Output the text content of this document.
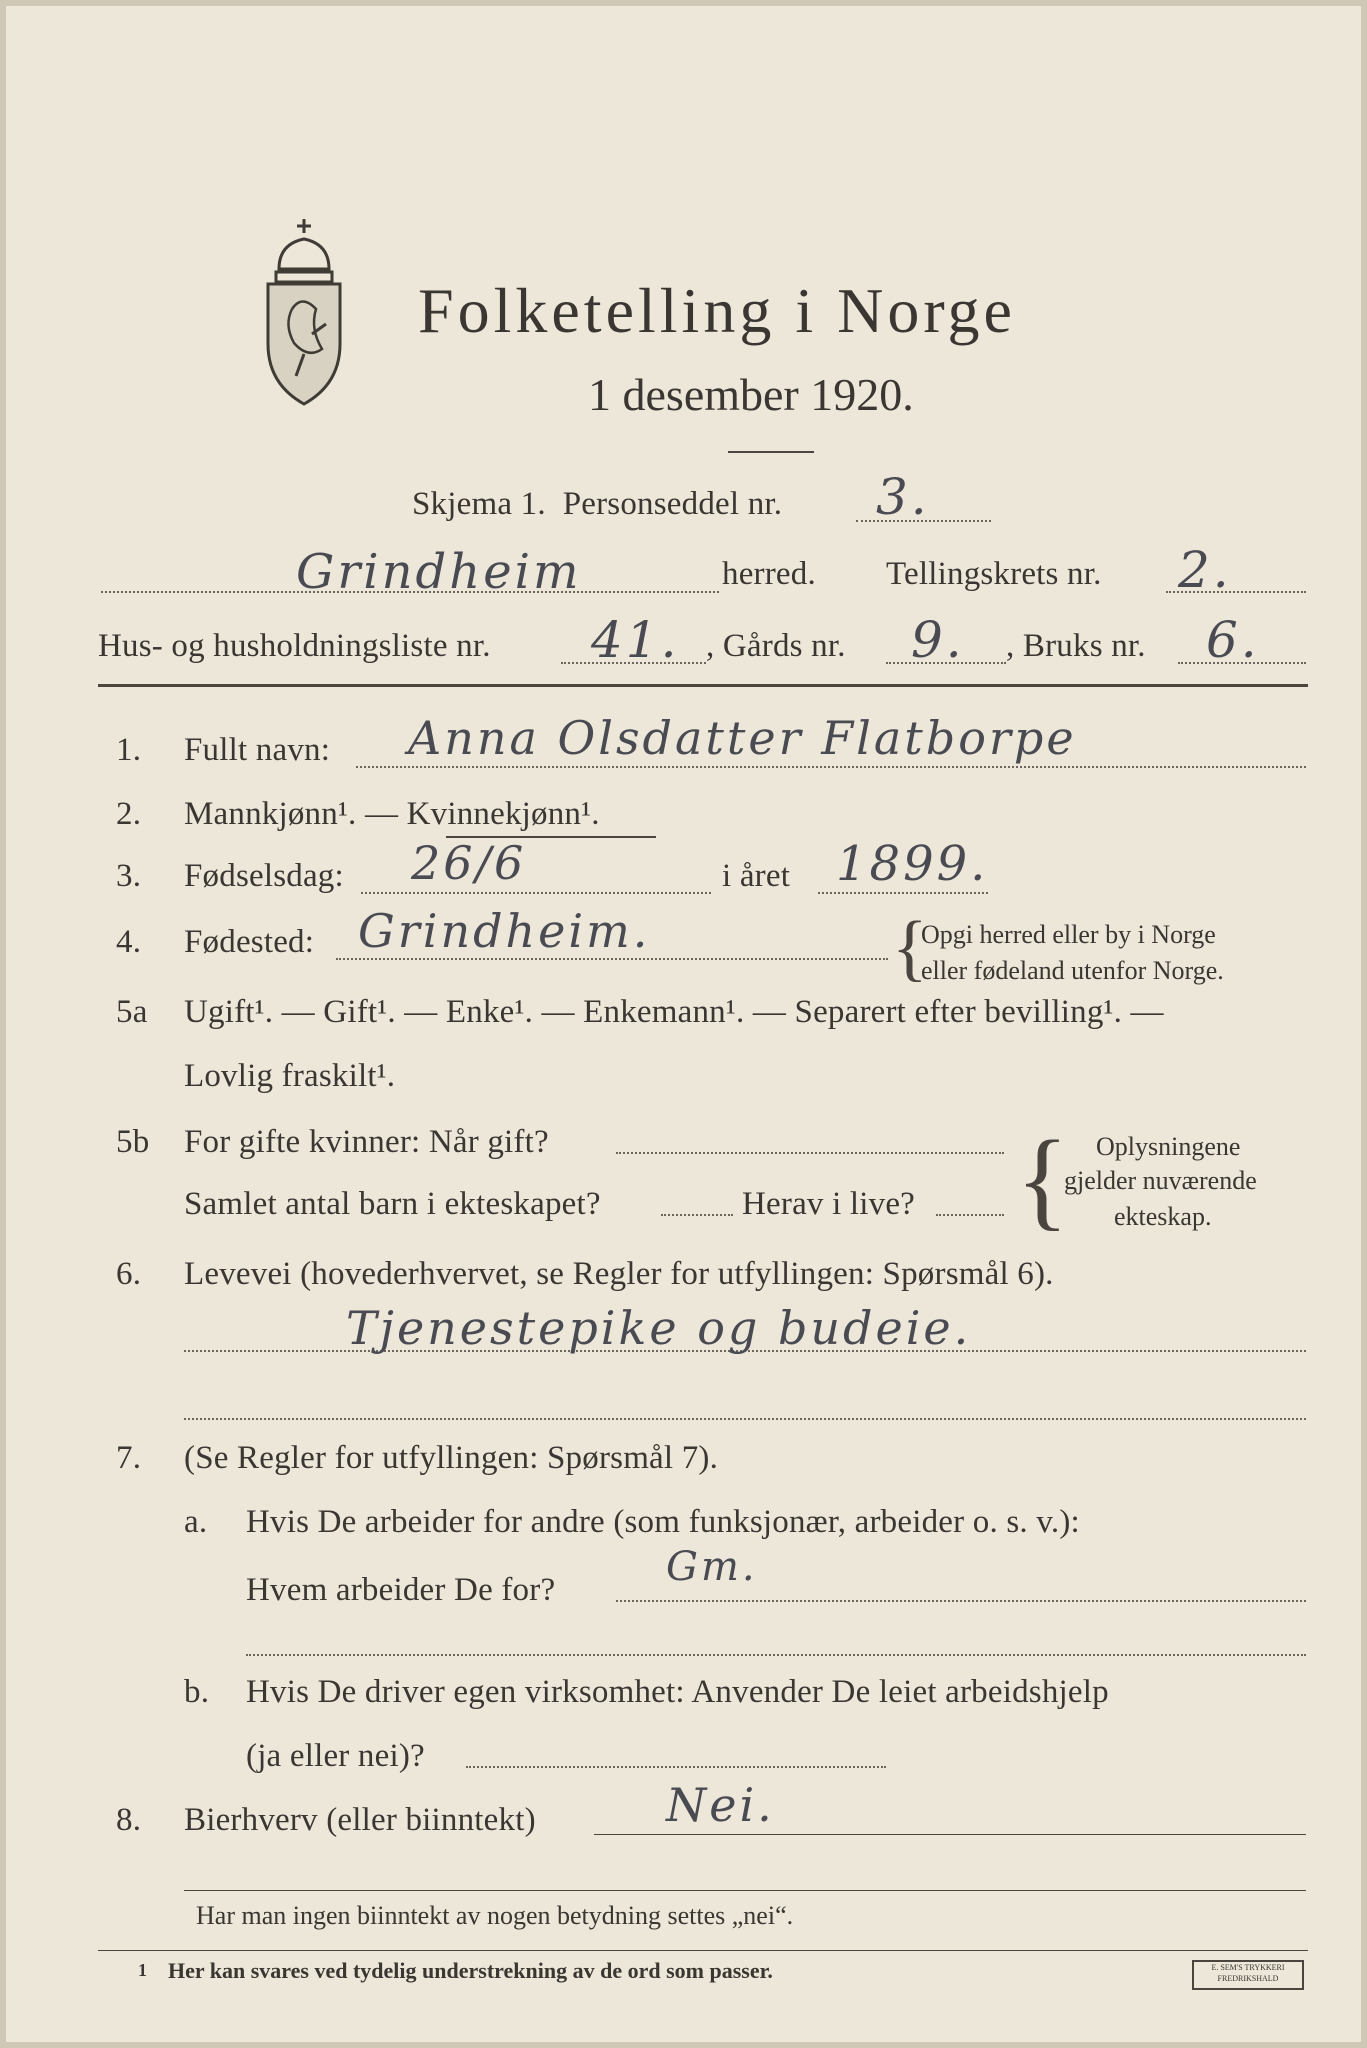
Folketelling i Norge
1 desember 1920.
Skjema 1. Personseddel nr. 3.
Grindheim	herred. Tellingskrets nr. 2.
Hus- og husholdningsliste nr. 41. , Gårds nr. 9. , Bruks nr. 6.
1. Fullt navn: Anna Olsdatter Flatborpe
2. Mannkjønn¹. — Kvinnekjønn¹.
3. Fødselsdag: 26/6	i året 1899.
4. Fødested: Grindheim.	{
Opgi herred eller by i Norge
eller fødeland utenfor Norge.
5a Ugift¹. — Gift¹. — Enke¹. — Enkemann¹. — Separert efter bevilling¹. —
Lovlig fraskilt¹.
5b For gifte kvinner: Når gift?
Samlet antal barn i ekteskapet?	Herav i live? { Oplysningene
gjelder nuværende
ekteskap.
6. Levevei (hovederhvervet, se Regler for utfyllingen: Spørsmål 6).
Tjenestepike og budeie.
7. (Se Regler for utfyllingen: Spørsmål 7).
a. Hvis De arbeider for andre (som funksjonær, arbeider o. s. v.):
Hvem arbeider De for?	Gm.
b. Hvis De driver egen virksomhet: Anvender De leiet arbeidshjelp
(ja eller nei)?
8. Bierhverv (eller biinntekt)	Nei.
Har man ingen biinntekt av nogen betydning settes „nei“.
1 Her kan svares ved tydelig understrekning av de ord som passer.	E. SEM'S TRYKKERI FREDRIKSHALD
